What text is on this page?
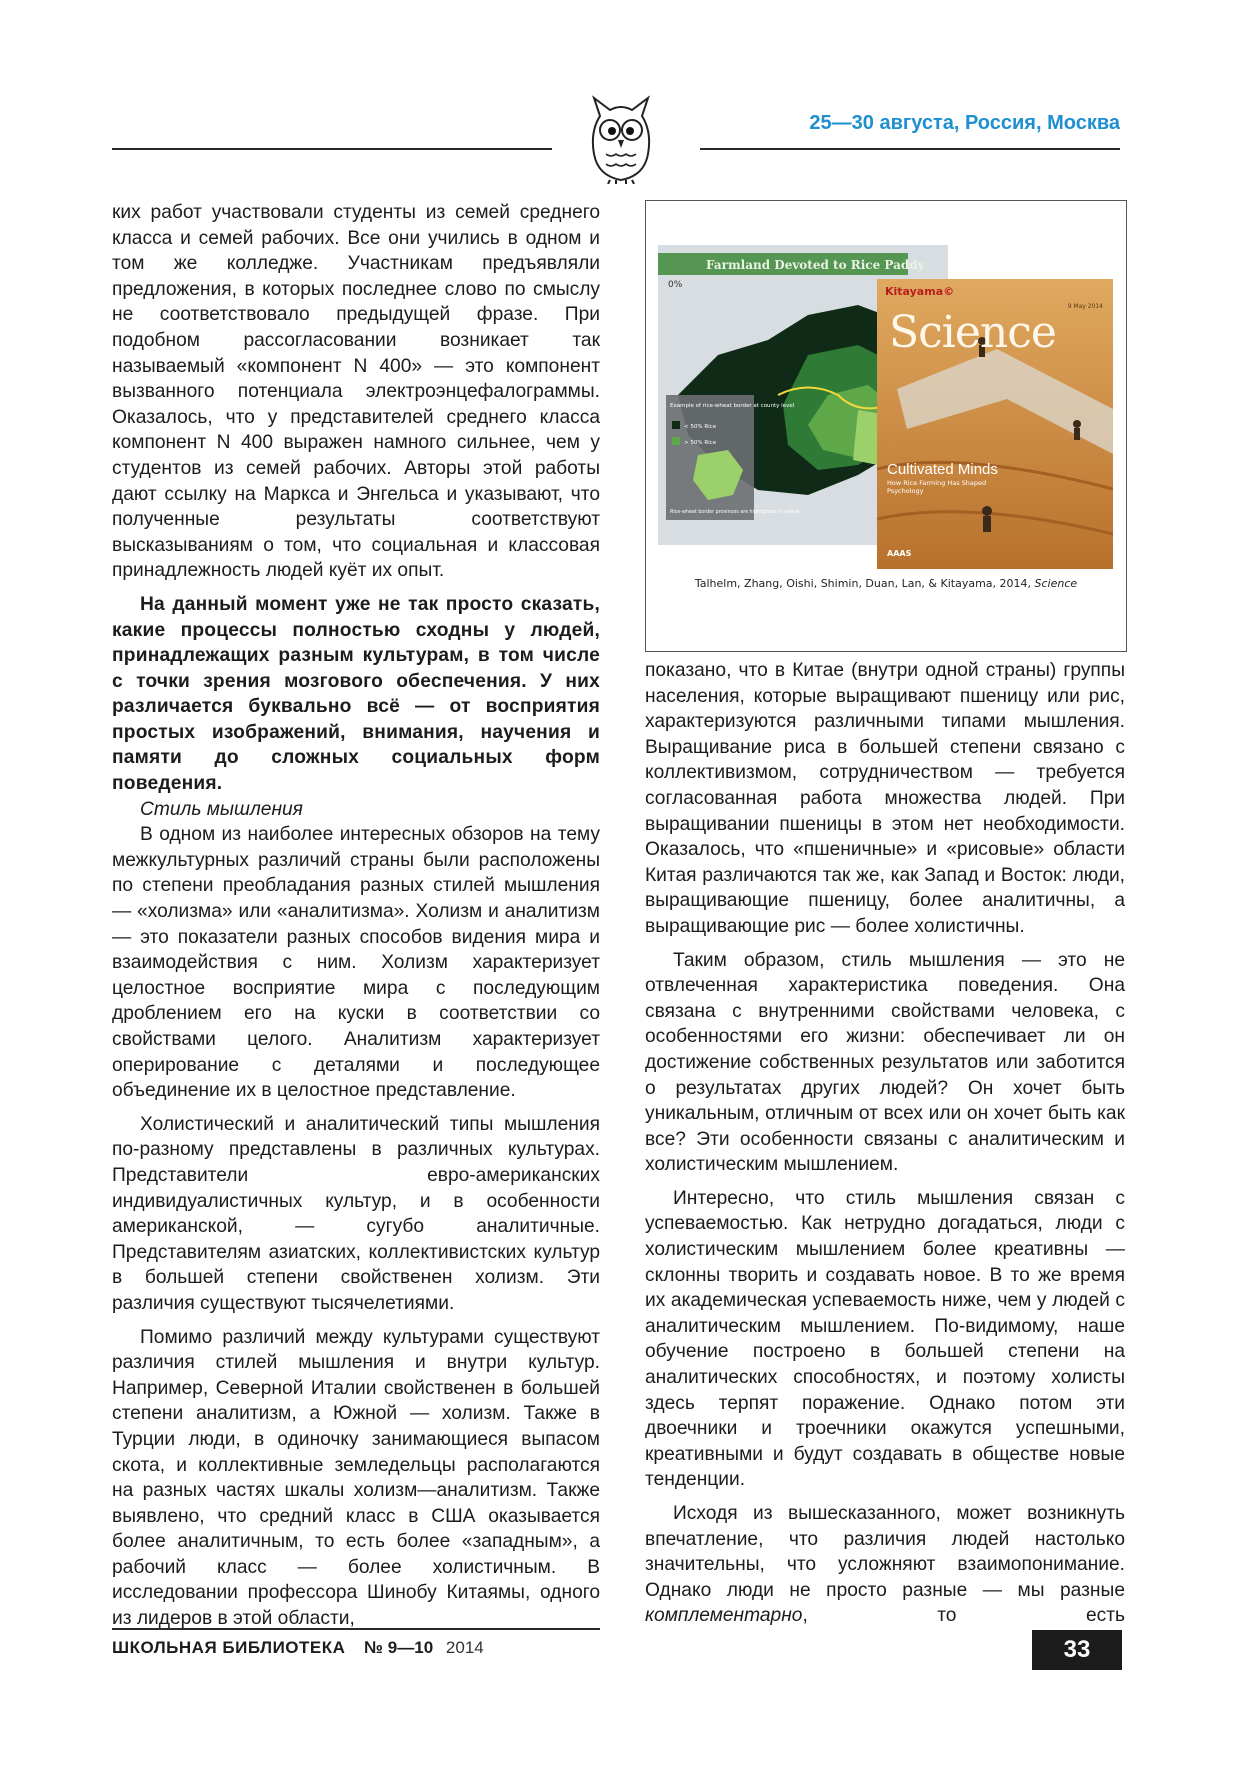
25—30 августа, Россия, Москва

ких работ участвовали студенты из семей среднего класса и семей рабочих. Все они учились в одном и том же колледже. Участникам предъявляли предложения, в которых последнее слово по смыслу не соответствовало предыдущей фразе. При подобном рассогласовании возникает так называемый «компонент N 400» — это компонент вызванного потенциала электроэнцефалограммы. Оказалось, что у представителей среднего класса компонент N 400 выражен намного сильнее, чем у студентов из семей рабочих. Авторы этой работы дают ссылку на Маркса и Энгельса и указывают, что полученные результаты соответствуют высказываниям о том, что социальная и классовая принадлежность людей куёт их опыт.

На данный момент уже не так просто сказать, какие процессы полностью сходны у людей, принадлежащих разным культурам, в том числе с точки зрения мозгового обеспечения. У них различается буквально всё — от восприятия простых изображений, внимания, научения и памяти до сложных социальных форм поведения.

Стиль мышления

В одном из наиболее интересных обзоров на тему межкультурных различий страны были расположены по степени преобладания разных стилей мышления — «холизма» или «аналитизма». Холизм и аналитизм — это показатели разных способов видения мира и взаимодействия с ним. Холизм характеризует целостное восприятие мира с последующим дроблением его на куски в соответствии со свойствами целого. Аналитизм характеризует оперирование с деталями и последующее объединение их в целостное представление.

Холистический и аналитический типы мышления по-разному представлены в различных культурах. Представители евро-американских индивидуалистичных культур, и в особенности американской, — сугубо аналитичные. Представителям азиатских, коллективистских культур в большей степени свойственен холизм. Эти различия существуют тысячелетиями.

Помимо различий между культурами существуют различия стилей мышления и внутри культур. Например, Северной Италии свойственен в большей степени аналитизм, а Южной — холизм. Также в Турции люди, в одиночку занимающиеся выпасом скота, и коллективные земледельцы располагаются на разных частях шкалы холизм—аналитизм. Также выявлено, что средний класс в США оказывается более аналитичным, то есть более «западным», а рабочий класс — более холистичным. В исследовании профессора Шинобу Китаямы, одного из лидеров в этой области,

Farmland Devoted to Rice Paddy
0%
Example of rice-wheat border at county level
< 50% Rice
> 50% Rice
Rice-wheat border provinces are highlighted in yellow
Kitayama©
9 May 2014
Science
Cultivated Minds
How Rice Farming Has Shaped Psychology
AAAS
Talhelm, Zhang, Oishi, Shimin, Duan, Lan, & Kitayama, 2014, Science

показано, что в Китае (внутри одной страны) группы населения, которые выращивают пшеницу или рис, характеризуются различными типами мышления. Выращивание риса в большей степени связано с коллективизмом, сотрудничеством — требуется согласованная работа множества людей. При выращивании пшеницы в этом нет необходимости. Оказалось, что «пшеничные» и «рисовые» области Китая различаются так же, как Запад и Восток: люди, выращивающие пшеницу, более аналитичны, а выращивающие рис — более холистичны.

Таким образом, стиль мышления — это не отвлеченная характеристика поведения. Она связана с внутренними свойствами человека, с особенностями его жизни: обеспечивает ли он достижение собственных результатов или заботится о результатах других людей? Он хочет быть уникальным, отличным от всех или он хочет быть как все? Эти особенности связаны с аналитическим и холистическим мышлением.

Интересно, что стиль мышления связан с успеваемостью. Как нетрудно догадаться, люди с холистическим мышлением более креативны — склонны творить и создавать новое. В то же время их академическая успеваемость ниже, чем у людей с аналитическим мышлением. По-видимому, наше обучение построено в большей степени на аналитических способностях, и поэтому холисты здесь терпят поражение. Однако потом эти двоечники и троечники окажутся успешными, креативными и будут создавать в обществе новые тенденции.

Исходя из вышесказанного, может возникнуть впечатление, что различия людей настолько значительны, что усложняют взаимопонимание. Однако люди не просто разные — мы разные комплементарно, то есть

ШКОЛЬНАЯ БИБЛИОТЕКА № 9—10 2014	33
